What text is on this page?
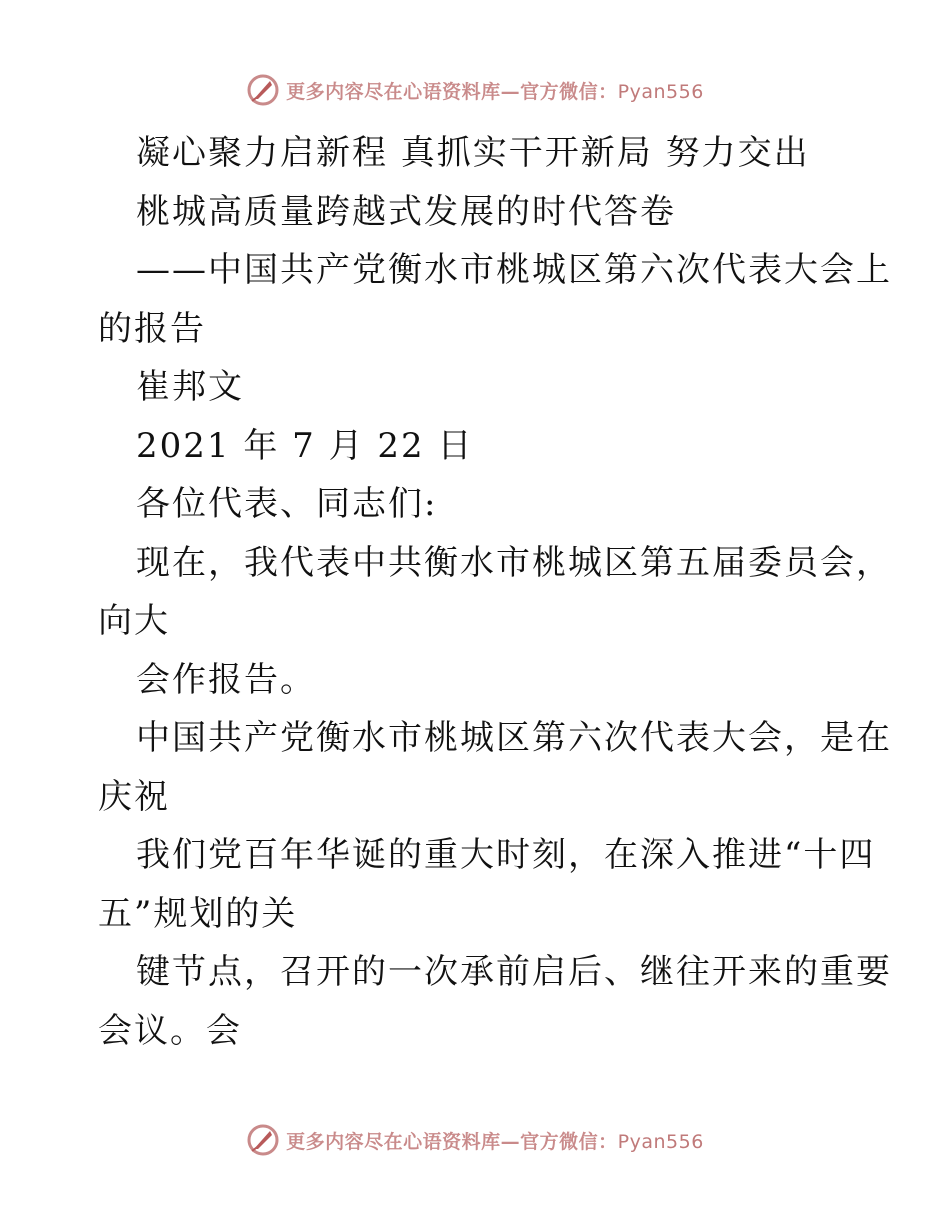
更多内容尽在心语资料库—官方微信：Pyan556
凝心聚力启新程 真抓实干开新局 努力交出
桃城高质量跨越式发展的时代答卷
——中国共产党衡水市桃城区第六次代表大会上
的报告
崔邦文
2021 年 7 月 22 日
各位代表、同志们:
现在，我代表中共衡水市桃城区第五届委员会，
向大
会作报告。
中国共产党衡水市桃城区第六次代表大会，是在
庆祝
我们党百年华诞的重大时刻，在深入推进“十四
五”规划的关
键节点，召开的一次承前启后、继往开来的重要
会议。会
更多内容尽在心语资料库—官方微信：Pyan556
